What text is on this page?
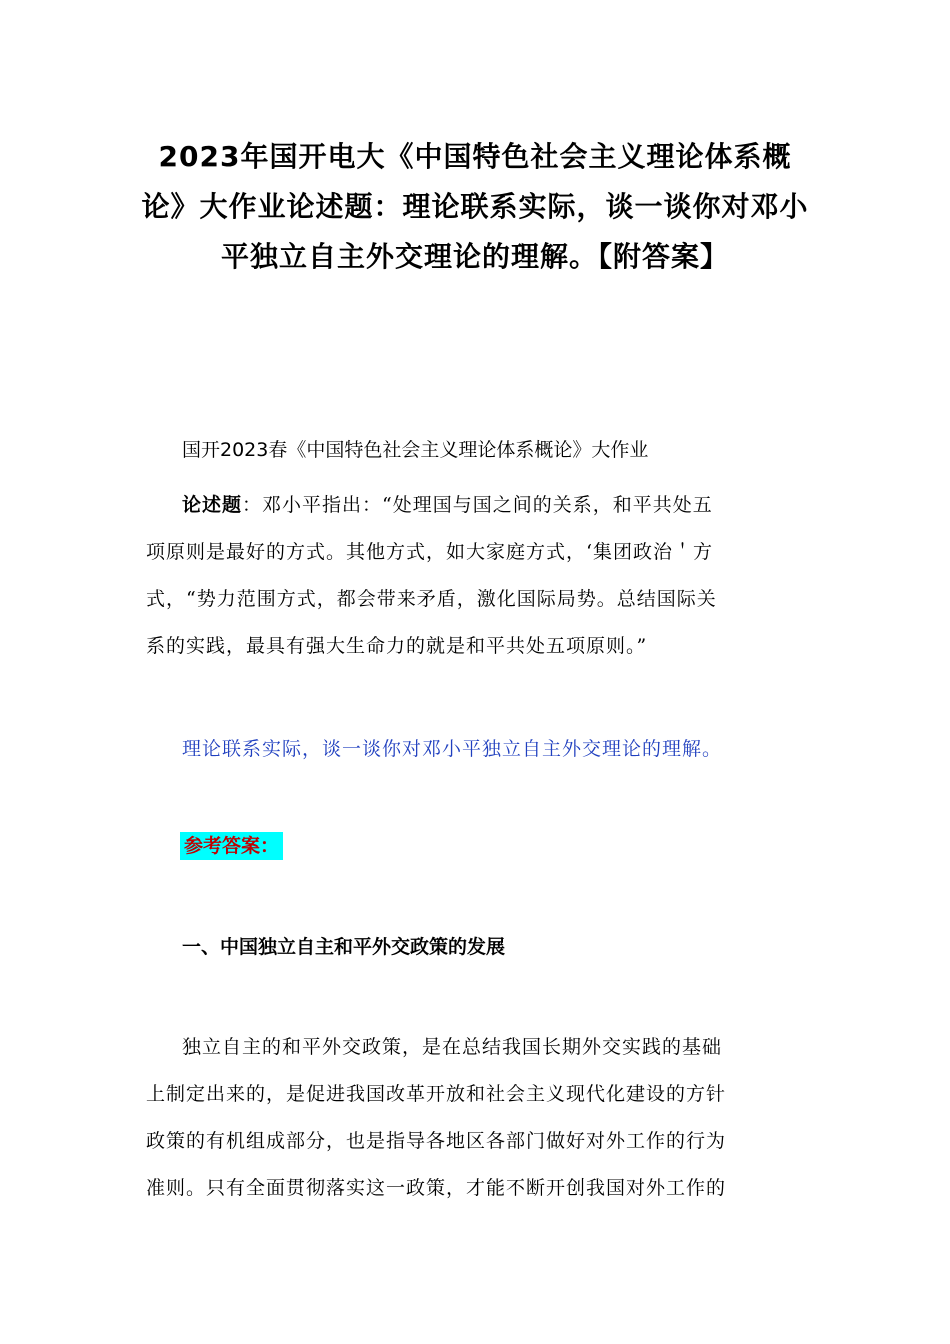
2023年国开电大《中国特色社会主义理论体系概
论》大作业论述题：理论联系实际，谈一谈你对邓小
平独立自主外交理论的理解。【附答案】
国开2023春《中国特色社会主义理论体系概论》大作业
论述题：邓小平指出：“处理国与国之间的关系，和平共处五
项原则是最好的方式。其他方式，如大家庭方式，‘集团政治＇方
式，“势力范围方式，都会带来矛盾，激化国际局势。总结国际关
系的实践，最具有强大生命力的就是和平共处五项原则。”
理论联系实际，谈一谈你对邓小平独立自主外交理论的理解。
参考答案：
一、中国独立自主和平外交政策的发展
独立自主的和平外交政策，是在总结我国长期外交实践的基础
上制定出来的，是促进我国改革开放和社会主义现代化建设的方针
政策的有机组成部分，也是指导各地区各部门做好对外工作的行为
准则。只有全面贯彻落实这一政策，才能不断开创我国对外工作的
